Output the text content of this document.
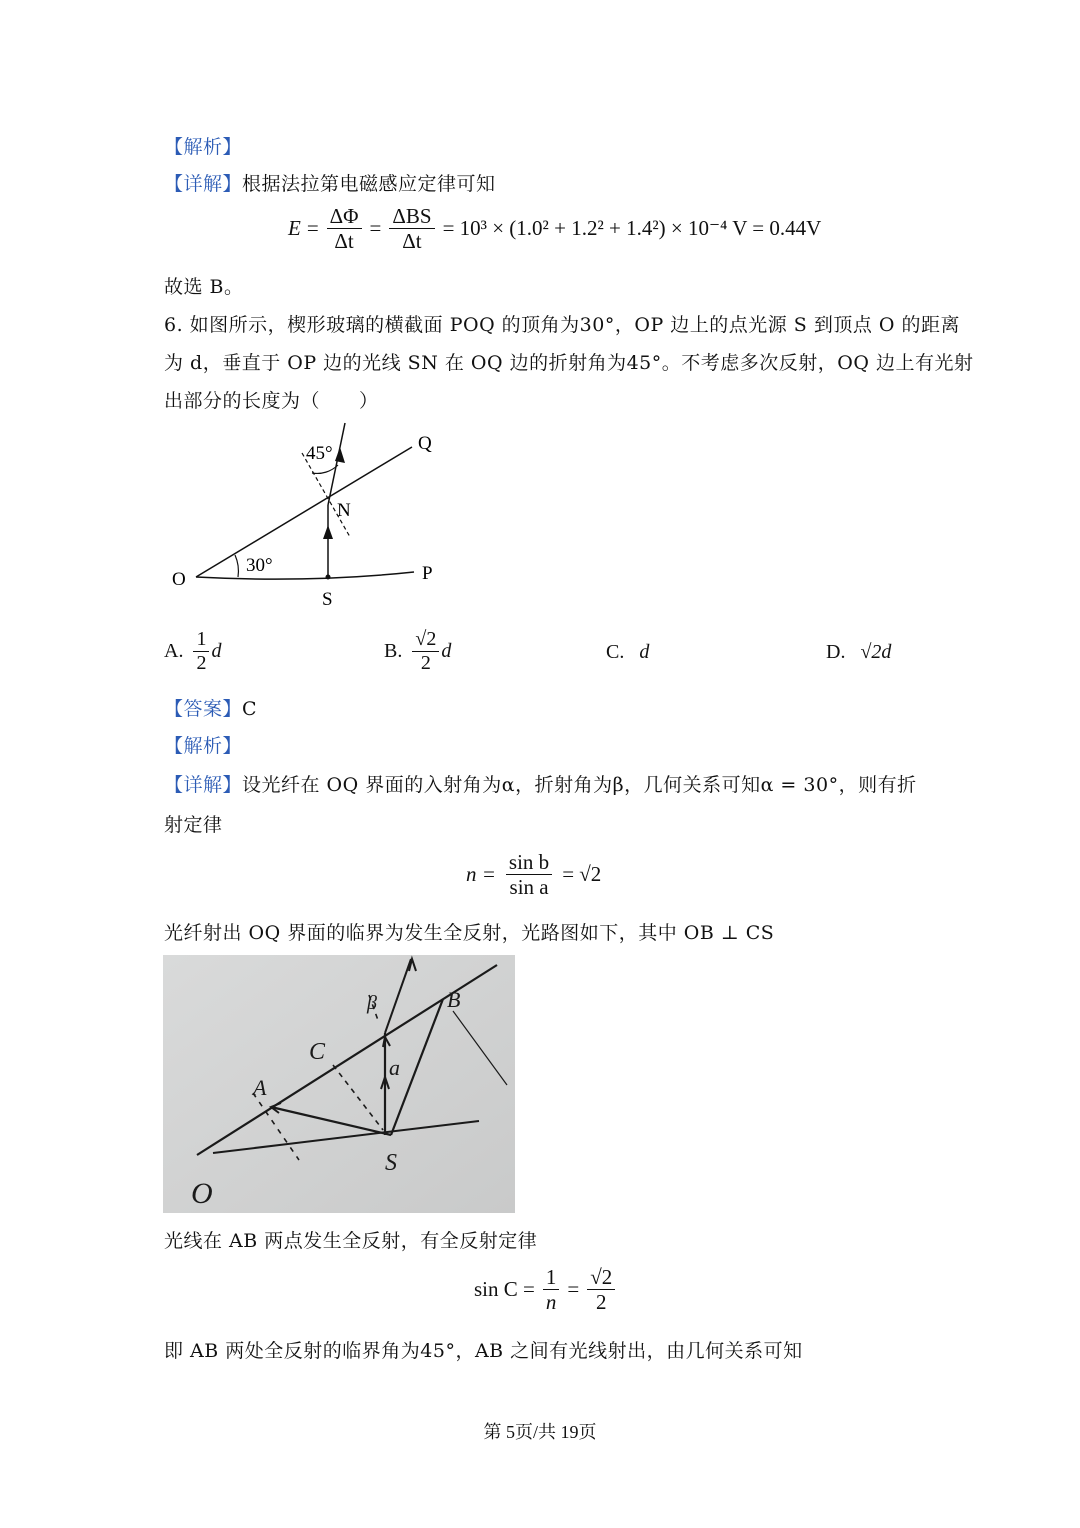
【解析】
【详解】根据法拉第电磁感应定律可知
$E = \frac{\Delta\Phi}{\Delta t} = \frac{\text{ΔBS}}{\Delta t} = 10^3 \times (1.0^2 + 1.2^2 + 1.4^2) \times 10^{-4}$ V = 0.44V
故选 B。
6. 如图所示，楔形玻璃的横截面 POQ 的顶角为30°，OP 边上的点光源 S 到顶点 O 的距离
为 d，垂直于 OP 边的光线 SN 在 OQ 边的折射角为45°。不考虑多次反射，OQ 边上有光射
出部分的长度为（　　）
O	P
Q
S
N
30°
45°
A. $\frac{1}{2}$ d	B. $\frac{√2}{2}$ d	C. d	D. √2d
【答案】C
【解析】
【详解】设光纤在 OQ 界面的入射角为α，折射角为β，几何关系可知α = 30°，则有折
射定律
$n = \frac{\text{sin b}}{\text{sin a}} = √2$
光纤射出 OQ 界面的临界为发生全反射，光路图如下，其中 OB ⊥ CS
O
S
C
A
B
β
a
光线在 AB 两点发生全反射，有全反射定律
$\sin C = \frac{1}{n} = \frac{√2}{2}$
即 AB 两处全反射的临界角为45°，AB 之间有光线射出，由几何关系可知
第 5页/共 19页
